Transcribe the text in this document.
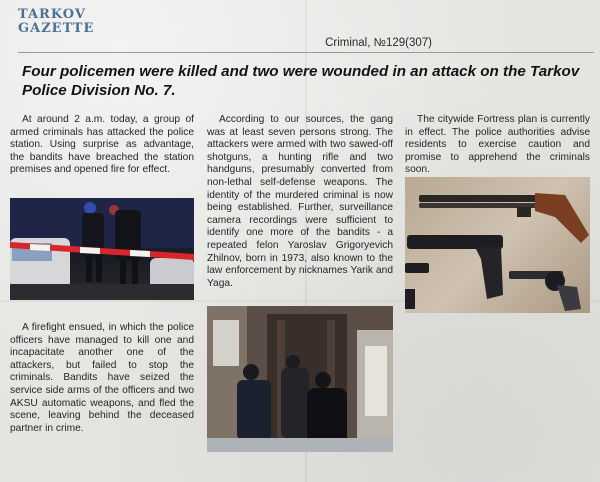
TARKOV
GAZETTE
Criminal, №129(307)
Four policemen were killed and two were wounded in an attack on the Tarkov Police Division No. 7.

At around 2 a.m. today, a group of armed criminals has attacked the police station. Using surprise as advantage, the bandits have breached the station premises and opened fire for effect.

A firefight ensued, in which the police officers have managed to kill one and incapacitate another one of the attackers, but failed to stop the criminals. Bandits have seized the service side arms of the officers and two AKSU automatic weapons, and fled the scene, leaving behind the deceased partner in crime.

According to our sources, the gang was at least seven persons strong. The attackers were armed with two sawed-off shotguns, a hunting rifle and two handguns, presumably converted from non-lethal self-defense weapons. The identity of the murdered criminal is now being established. Further, surveillance camera recordings were sufficient to identify one more of the bandits - a repeated felon Yaroslav Grigoryevich Zhilnov, born in 1973, also known to the law enforcement by nicknames Yarik and Yaga.

The citywide Fortress plan is currently in effect. The police authorities advise residents to exercise caution and promise to apprehend the criminals soon.
